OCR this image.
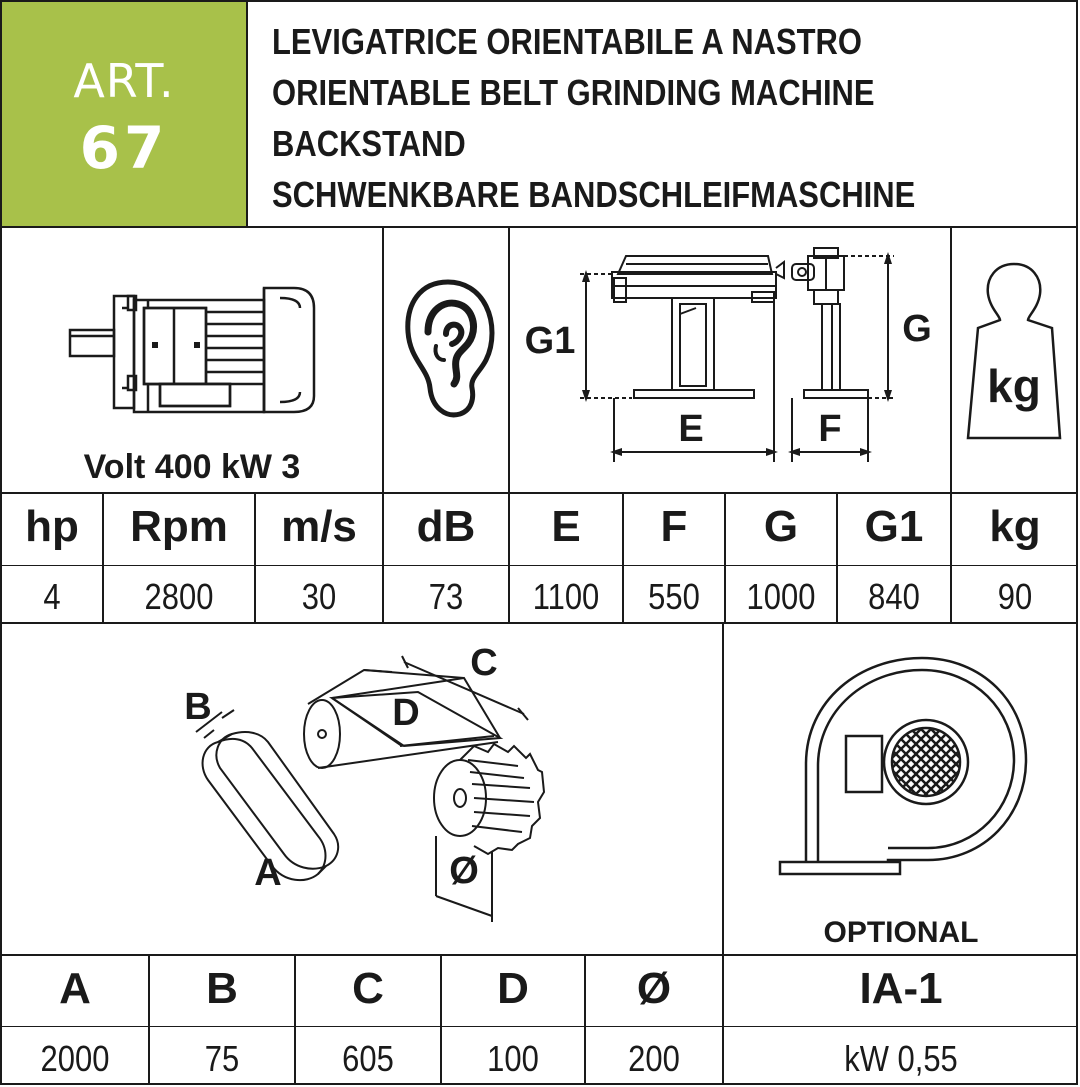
ART.
67
LEVIGATRICE ORIENTABILE A NASTRO
ORIENTABLE BELT GRINDING MACHINE
BACKSTAND
SCHWENKBARE BANDSCHLEIFMASCHINE
Volt 400 kW 3
G1	G
E	F
kg
hp	Rpm	m/s	dB	E	F	G	G1	kg
4	2800	30	73	1100	550	1000	840	90
B
C
D
A	Ø
OPTIONAL
A	B	C	D	Ø	IA-1
2000	75	605	100	200	kW 0,55
